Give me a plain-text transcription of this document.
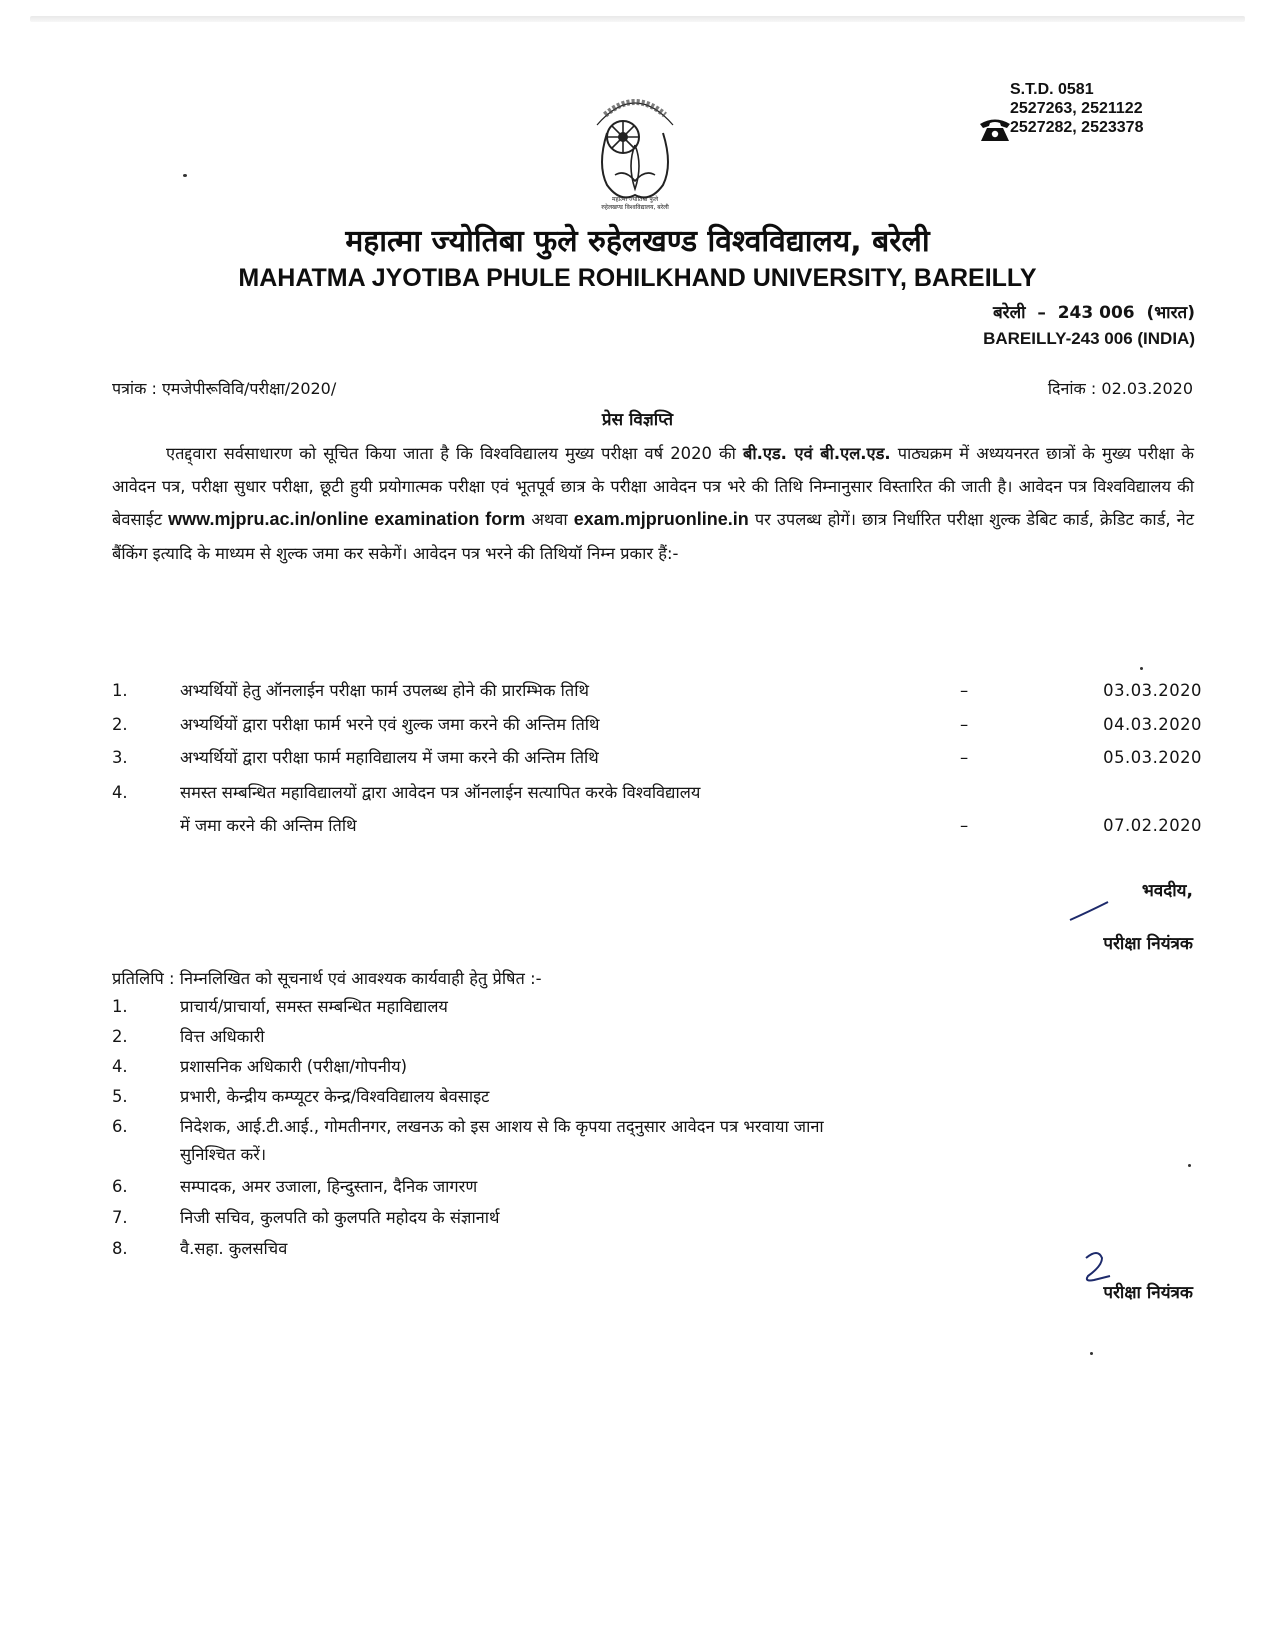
S.T.D. 0581
2527263, 2521122
2527282, 2523378
महात्मा ज्योतिबा फुले
रुहेलखण्ड विश्वविद्यालय, बरेली
महात्मा ज्योतिबा फुले रुहेलखण्ड विश्वविद्यालय, बरेली
MAHATMA JYOTIBA PHULE ROHILKHAND UNIVERSITY, BAREILLY
बरेली  –  243 006  (भारत)
BAREILLY-243 006 (INDIA)
पत्रांक : एमजेपीरूविवि/परीक्षा/2020/	दिनांक : 02.03.2020
प्रेस विज्ञप्ति
एतद्द्वारा सर्वसाधारण को सूचित किया जाता है कि विश्वविद्यालय मुख्य परीक्षा वर्ष 2020 की बी.एड. एवं बी.एल.एड. पाठ्यक्रम में अध्ययनरत छात्रों के मुख्य परीक्षा के आवेदन पत्र, परीक्षा सुधार परीक्षा, छूटी हुयी प्रयोगात्मक परीक्षा एवं भूतपूर्व छात्र के परीक्षा आवेदन पत्र भरे की तिथि निम्नानुसार विस्तारित की जाती है। आवेदन पत्र विश्वविद्यालय की बेवसाईट www.mjpru.ac.in/online examination form अथवा exam.mjpruonline.in पर उपलब्ध होगें। छात्र निर्धारित परीक्षा शुल्क डेबिट कार्ड, क्रेडिट कार्ड, नेट बैंकिंग इत्यादि के माध्यम से शुल्क जमा कर सकेगें। आवेदन पत्र भरने की तिथियॉ निम्न प्रकार हैं:-
1.	अभ्यर्थियों हेतु ऑनलाईन परीक्षा फार्म उपलब्ध होने की प्रारम्भिक तिथि	–	03.03.2020
2.	अभ्यर्थियों द्वारा परीक्षा फार्म भरने एवं शुल्क जमा करने की अन्तिम तिथि	–	04.03.2020
3.	अभ्यर्थियों द्वारा परीक्षा फार्म महाविद्यालय में जमा करने की अन्तिम तिथि	–	05.03.2020
4.	समस्त सम्बन्धित महाविद्यालयों द्वारा आवेदन पत्र ऑनलाईन सत्यापित करके विश्वविद्यालय
में जमा करने की अन्तिम तिथि	–	07.02.2020
भवदीय,
परीक्षा नियंत्रक
प्रतिलिपि : निम्नलिखित को सूचनार्थ एवं आवश्यक कार्यवाही हेतु प्रेषित :-
1.	प्राचार्य/प्राचार्या, समस्त सम्बन्धित महाविद्यालय
2.	वित्त अधिकारी
4.	प्रशासनिक अधिकारी (परीक्षा/गोपनीय)
5.	प्रभारी, केन्द्रीय कम्प्यूटर केन्द्र/विश्वविद्यालय बेवसाइट
6.	निदेशक, आई.टी.आई., गोमतीनगर, लखनऊ को इस आशय से कि कृपया तद्नुसार आवेदन पत्र भरवाया जाना
सुनिश्चित करें।
6.	सम्पादक, अमर उजाला, हिन्दुस्तान, दैनिक जागरण
7.	निजी सचिव, कुलपति को कुलपति महोदय के संज्ञानार्थ
8.	वै.सहा. कुलसचिव
परीक्षा नियंत्रक
